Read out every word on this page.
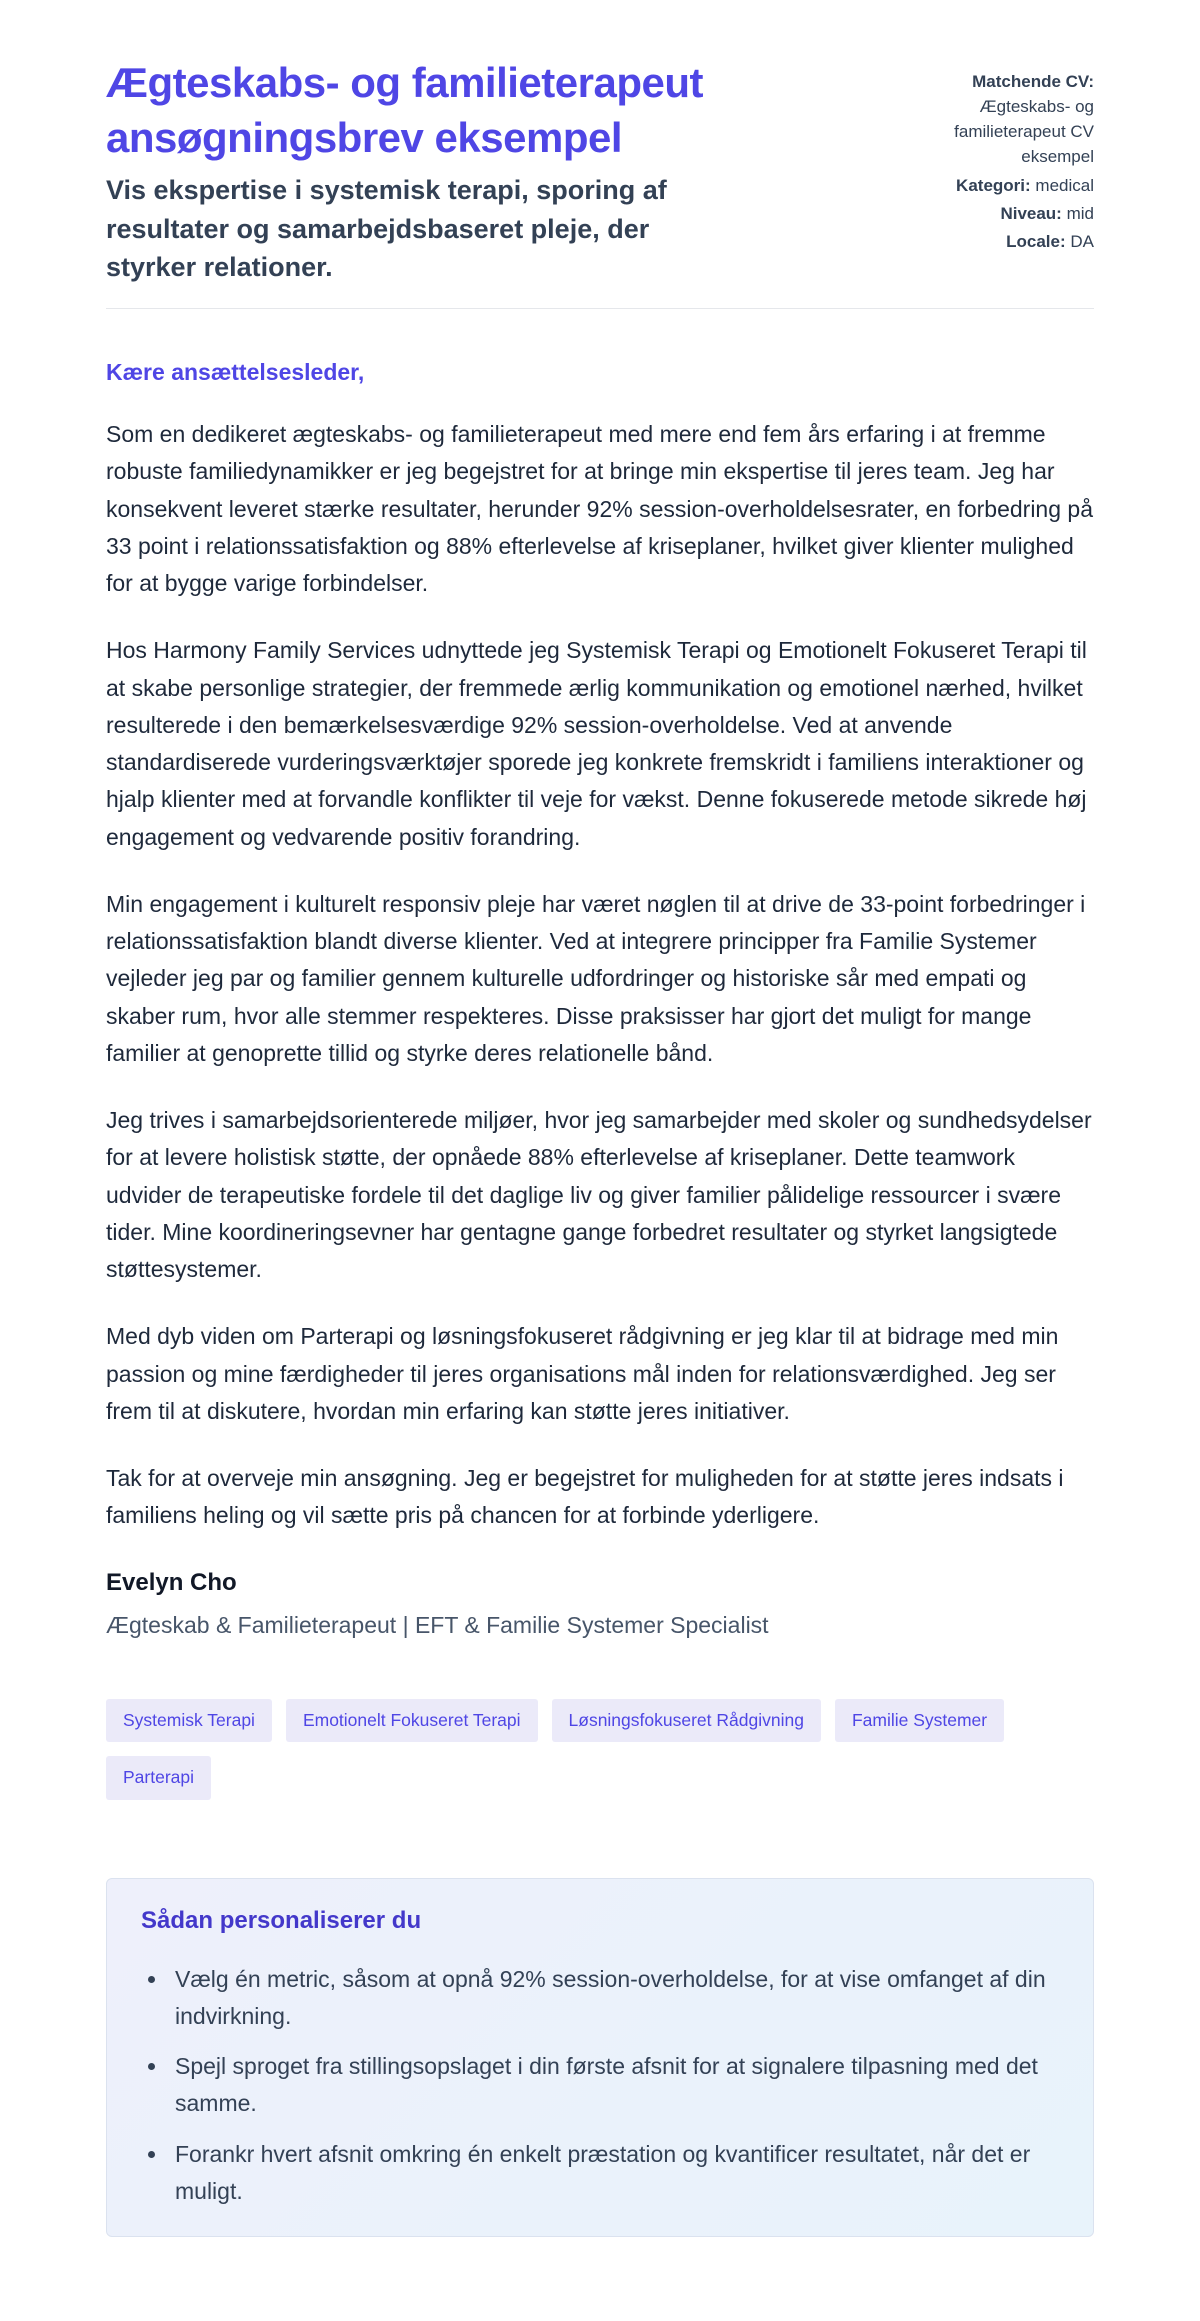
Ægteskabs- og familieterapeut ansøgningsbrev eksempel
Vis ekspertise i systemisk terapi, sporing af resultater og samarbejdsbaseret pleje, der styrker relationer.
Matchende CV: Ægteskabs- og familieterapeut CV eksempel
Kategori: medical
Niveau: mid
Locale: DA

Kære ansættelsesleder,

Som en dedikeret ægteskabs- og familieterapeut med mere end fem års erfaring i at fremme robuste familiedynamikker er jeg begejstret for at bringe min ekspertise til jeres team. Jeg har konsekvent leveret stærke resultater, herunder 92% session-overholdelsesrater, en forbedring på 33 point i relationssatisfaktion og 88% efterlevelse af kriseplaner, hvilket giver klienter mulighed for at bygge varige forbindelser.

Hos Harmony Family Services udnyttede jeg Systemisk Terapi og Emotionelt Fokuseret Terapi til at skabe personlige strategier, der fremmede ærlig kommunikation og emotionel nærhed, hvilket resulterede i den bemærkelsesværdige 92% session-overholdelse. Ved at anvende standardiserede vurderingsværktøjer sporede jeg konkrete fremskridt i familiens interaktioner og hjalp klienter med at forvandle konflikter til veje for vækst. Denne fokuserede metode sikrede høj engagement og vedvarende positiv forandring.

Min engagement i kulturelt responsiv pleje har været nøglen til at drive de 33-point forbedringer i relationssatisfaktion blandt diverse klienter. Ved at integrere principper fra Familie Systemer vejleder jeg par og familier gennem kulturelle udfordringer og historiske sår med empati og skaber rum, hvor alle stemmer respekteres. Disse praksisser har gjort det muligt for mange familier at genoprette tillid og styrke deres relationelle bånd.

Jeg trives i samarbejdsorienterede miljøer, hvor jeg samarbejder med skoler og sundhedsydelser for at levere holistisk støtte, der opnåede 88% efterlevelse af kriseplaner. Dette teamwork udvider de terapeutiske fordele til det daglige liv og giver familier pålidelige ressourcer i svære tider. Mine koordineringsevner har gentagne gange forbedret resultater og styrket langsigtede støttesystemer.

Med dyb viden om Parterapi og løsningsfokuseret rådgivning er jeg klar til at bidrage med min passion og mine færdigheder til jeres organisations mål inden for relationsværdighed. Jeg ser frem til at diskutere, hvordan min erfaring kan støtte jeres initiativer.

Tak for at overveje min ansøgning. Jeg er begejstret for muligheden for at støtte jeres indsats i familiens heling og vil sætte pris på chancen for at forbinde yderligere.

Evelyn Cho
Ægteskab & Familieterapeut | EFT & Familie Systemer Specialist
Systemisk Terapi	Emotionelt Fokuseret Terapi	Løsningsfokuseret Rådgivning	Familie Systemer
Parterapi
Sådan personaliserer du
• Vælg én metric, såsom at opnå 92% session-overholdelse, for at vise omfanget af din indvirkning.
• Spejl sproget fra stillingsopslaget i din første afsnit for at signalere tilpasning med det samme.
• Forankr hvert afsnit omkring én enkelt præstation og kvantificer resultatet, når det er muligt.
